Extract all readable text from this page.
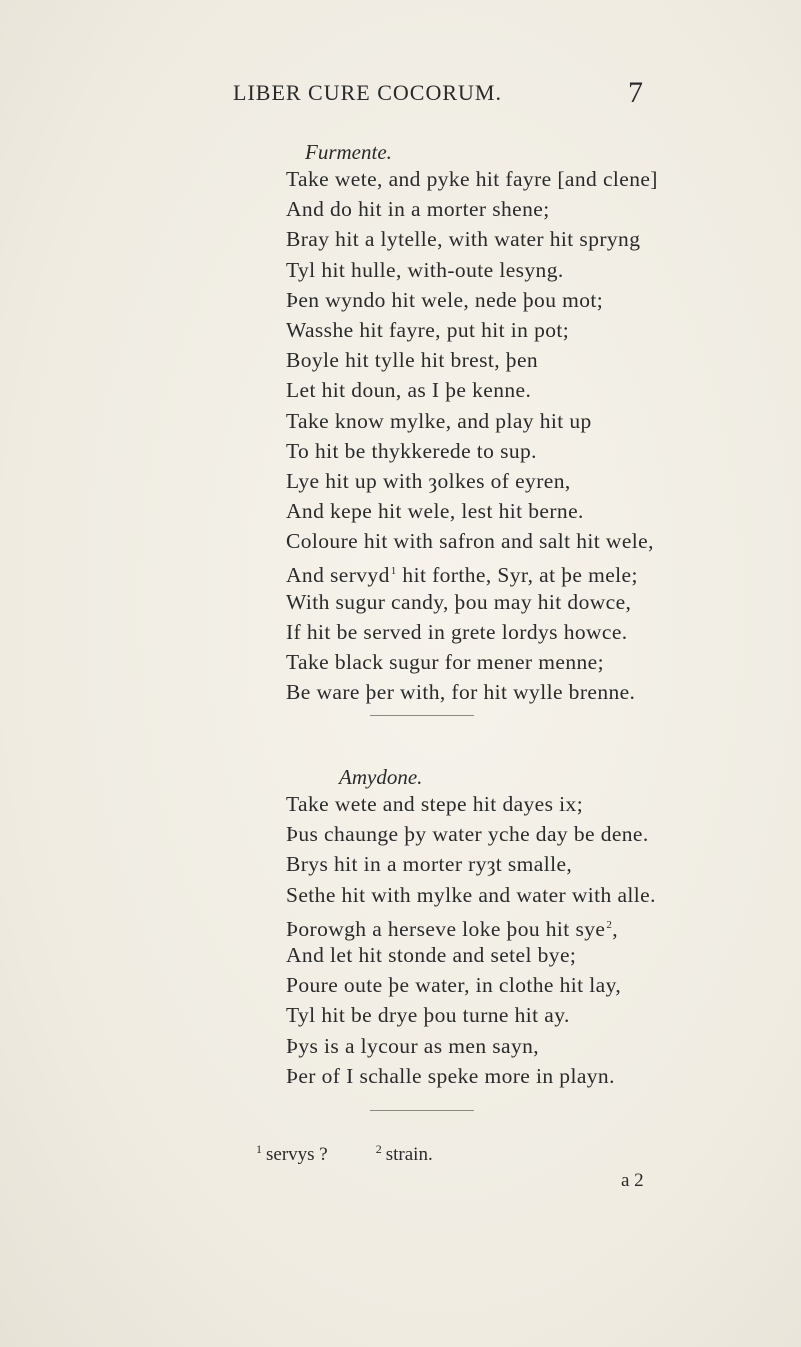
LIBER CURE COCORUM.	7
Furmente.
Take wete, and pyke hit fayre [and clene]
And do hit in a morter shene;
Bray hit a lytelle, with water hit spryng
Tyl hit hulle, with-oute lesyng.
Þen wyndo hit wele, nede þou mot;
Wasshe hit fayre, put hit in pot;
Boyle hit tylle hit brest, þen
Let hit doun, as I þe kenne.
Take know mylke, and play hit up
To hit be thykkerede to sup.
Lye hit up with ȝolkes of eyren,
And kepe hit wele, lest hit berne.
Coloure hit with safron and salt hit wele,
And servyd$^1$ hit forthe, Syr, at þe mele;
With sugur candy, þou may hit dowce,
If hit be served in grete lordys howce.
Take black sugur for mener menne;
Be ware þer with, for hit wylle brenne.
Amydone.
Take wete and stepe hit dayes ix;
Þus chaunge þy water yche day be dene.
Brys hit in a morter ryȝt smalle,
Sethe hit with mylke and water with alle.
Þorowgh a herseve loke þou hit sye$^2$,
And let hit stonde and setel bye;
Poure oute þe water, in clothe hit lay,
Tyl hit be drye þou turne hit ay.
Þys is a lycour as men sayn,
Þer of I schalle speke more in playn.
$^1$ servys ?	$^2$ strain.
a 2
